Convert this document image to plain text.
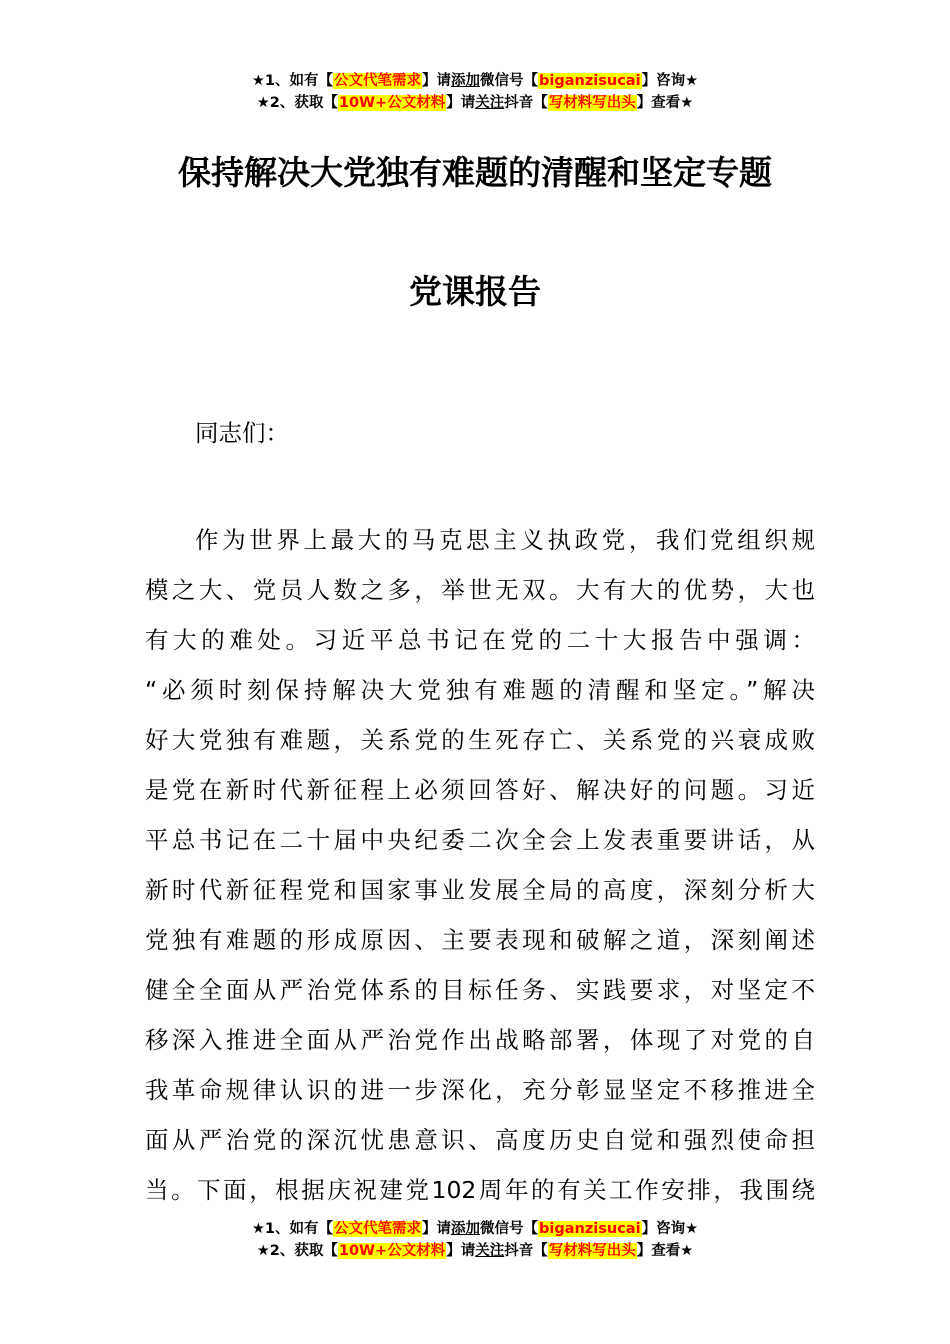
★1、如有【公文代笔需求】请添加微信号【biganzisucai】咨询★
★2、获取【10W+公文材料】请关注抖音【写材料写出头】查看★
保持解决大党独有难题的清醒和坚定专题
党课报告
同志们：
作为世界上最大的马克思主义执政党，我们党组织规
模之大、党员人数之多，举世无双。大有大的优势，大也
有大的难处。习近平总书记在党的二十大报告中强调：
“必须时刻保持解决大党独有难题的清醒和坚定。”解决
好大党独有难题，关系党的生死存亡、关系党的兴衰成败
是党在新时代新征程上必须回答好、解决好的问题。习近
平总书记在二十届中央纪委二次全会上发表重要讲话，从
新时代新征程党和国家事业发展全局的高度，深刻分析大
党独有难题的形成原因、主要表现和破解之道，深刻阐述
健全全面从严治党体系的目标任务、实践要求，对坚定不
移深入推进全面从严治党作出战略部署，体现了对党的自
我革命规律认识的进一步深化，充分彰显坚定不移推进全
面从严治党的深沉忧患意识、高度历史自觉和强烈使命担
当。下面，根据庆祝建党102周年的有关工作安排，我围绕
★1、如有【公文代笔需求】请添加微信号【biganzisucai】咨询★
★2、获取【10W+公文材料】请关注抖音【写材料写出头】查看★
